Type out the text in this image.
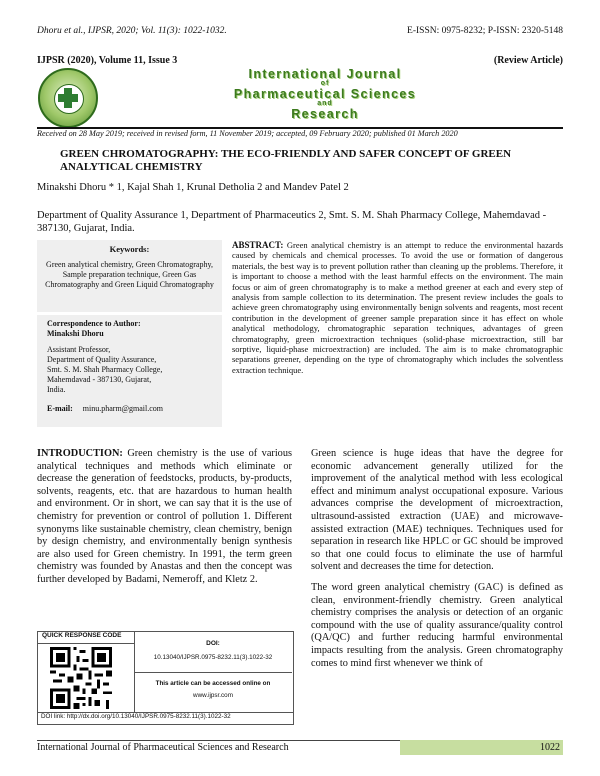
Dhoru et al., IJPSR, 2020; Vol. 11(3): 1022-1032.	E-ISSN: 0975-8232; P-ISSN: 2320-5148
IJPSR (2020), Volume 11, Issue 3	(Review Article)
International Journal
of
Pharmaceutical Sciences
and
Research
Received on 28 May 2019; received in revised form, 11 November 2019; accepted, 09 February 2020; published 01 March 2020
GREEN CHROMATOGRAPHY: THE ECO-FRIENDLY AND SAFER CONCEPT OF GREEN ANALYTICAL CHEMISTRY
Minakshi Dhoru * 1, Kajal Shah 1, Krunal Detholia 2 and Mandev Patel 2
Department of Quality Assurance 1, Department of Pharmaceutics 2, Smt. S. M. Shah Pharmacy College, Mahemdavad - 387130, Gujarat, India.
Keywords:
Green analytical chemistry, Green Chromatography, Sample preparation technique, Green Gas Chromatography and Green Liquid Chromatography
Correspondence to Author:
Minakshi Dhoru
Assistant Professor,
Department of Quality Assurance,
Smt. S. M. Shah Pharmacy College,
Mahemdavad - 387130, Gujarat,
India.
E-mail: minu.pharm@gmail.com
ABSTRACT: Green analytical chemistry is an attempt to reduce the environmental hazards caused by chemicals and chemical processes. To avoid the use or formation of dangerous materials, the best way is to prevent pollution rather than cleaning up the problems. Therefore, it is important to choose a method with the least harmful effects on the environment. The main focus or aim of green chromatography is to make a method greener at each and every step of analysis from sample collection to its determination. The present review includes the goals to achieve green chromatography using environmentally benign solvents and reagents, most recent contribution in the development of greener sample preparation since it has effect on whole analytical methodology, chromatographic separation techniques, advantages of green chromatography, green microextraction techniques (solid-phase microextraction, still bar sorptive, liquid-phase microextraction) are included. The aim is to make chromatographic separations greener, depending on the type of chromatography which includes the solventless extraction technique.
INTRODUCTION: Green chemistry is the use of various analytical techniques and methods which eliminate or decrease the generation of feedstocks, products, by-products, solvents, reagents, etc. that are hazardous to human health and environment. Or in short, we can say that it is the use of chemistry for prevention or control of pollution 1. Different synonyms like sustainable chemistry, clean chemistry, benign by design chemistry, and environmentally benign synthesis are also used for Green chemistry. In 1991, the term green chemistry was founded by Anastas and then the concept was further developed by Badami, Nemeroff, and Kletz 2.

Green science is huge ideas that have the degree for economic advancement generally utilized for the improvement of the analytical method with less ecological effect and minimum analyst occupational exposure. Various advances comprise the development of microextraction, ultrasound-assisted extraction (UAE) and microwave-assisted extraction (MAE) techniques. Techniques used for separation in research like HPLC or GC should be improved so that one could focus to eliminate the use of harmful solvent and decreases the time for detection.

The word green analytical chemistry (GAC) is defined as clean, environment-friendly chemistry. Green analytical chemistry comprises the analysis or detection of an organic compound with the use of quality assurance/quality control (QA/QC) and further reducing harmful environmental impacts resulting from the analysis. Green chromatography comes to mind first whenever we think of

QUICK RESPONSE CODE
DOI:
10.13040/IJPSR.0975-8232.11(3).1022-32
This article can be accessed online on
www.ijpsr.com
DOI link: http://dx.doi.org/10.13040/IJPSR.0975-8232.11(3).1022-32
International Journal of Pharmaceutical Sciences and Research	1022
